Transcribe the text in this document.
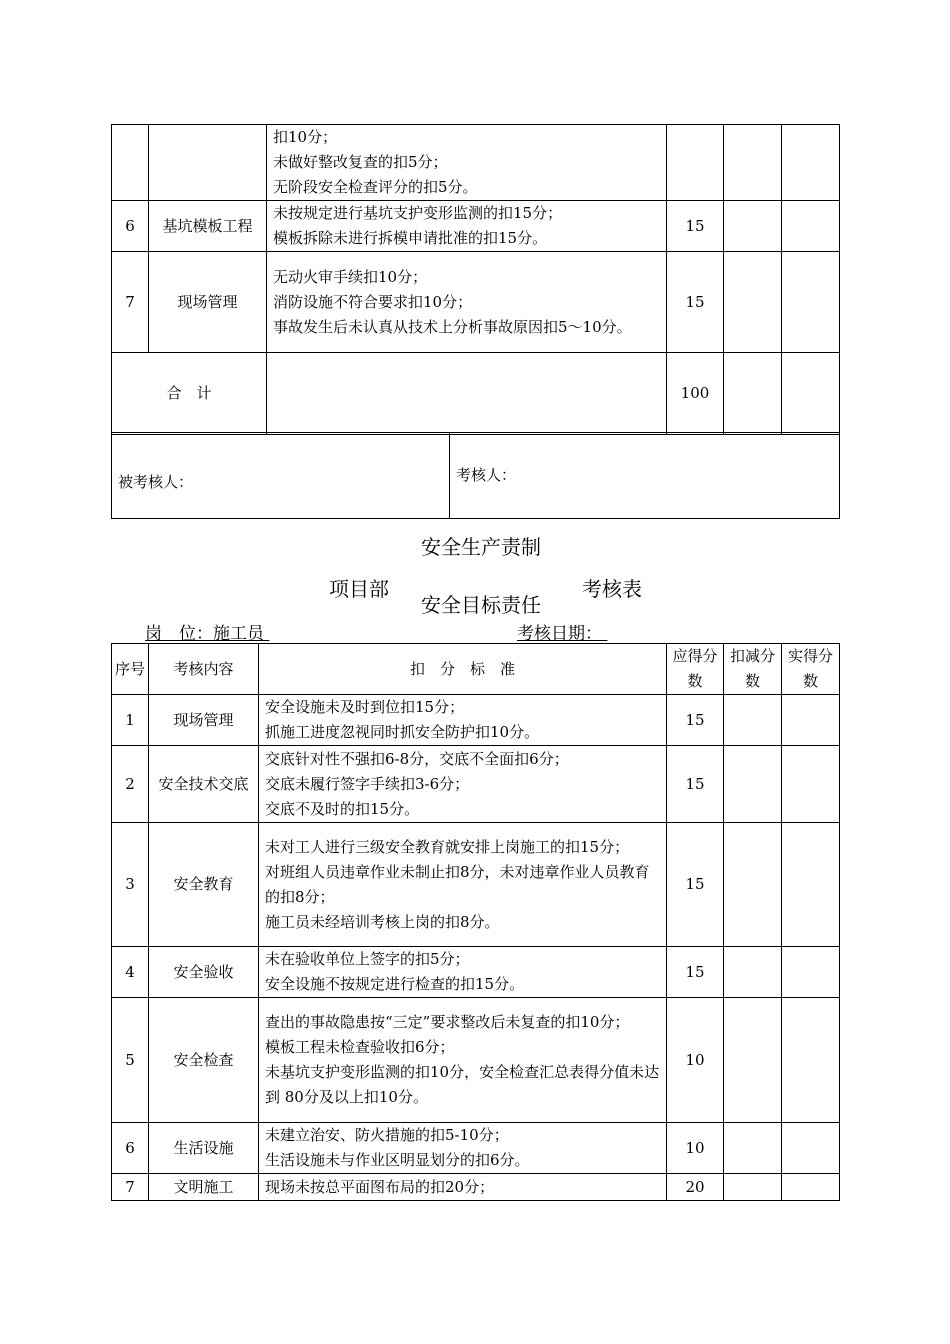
		扣10分；
未做好整改复查的扣5分；
无阶段安全检查评分的扣5分。			

6	基坑模板工程	未按规定进行基坑支护变形监测的扣15分；
模板拆除未进行拆模申请批准的扣15分。	15		
7	现场管理	无动火审手续扣10分；
消防设施不符合要求扣10分；
事故发生后未认真从技术上分析事故原因扣5～10分。	15		
合　计			100		
被考核人：	考核人：
安全生产责制
项目部
安全目标责任
考核表
岗　位：施工员	考核日期：
序号	考核内容	扣　分　标　准	应得分数	扣减分数	实得分数
1	现场管理	安全设施未及时到位扣15分；
抓施工进度忽视同时抓安全防护扣10分。	15		
2	安全技术交底	交底针对性不强扣6-8分，交底不全面扣6分；
交底未履行签字手续扣3-6分；
交底不及时的扣15分。	15		
3	安全教育	未对工人进行三级安全教育就安排上岗施工的扣15分；
对班组人员违章作业未制止扣8分，未对违章作业人员教育的扣8分；
施工员未经培训考核上岗的扣8分。	15		
4	安全验收	未在验收单位上签字的扣5分；
安全设施不按规定进行检查的扣15分。	15		
5	安全检查	查出的事故隐患按“三定”要求整改后未复查的扣10分；
模板工程未检查验收扣6分；
未基坑支护变形监测的扣10分，安全检查汇总表得分值未达到 80分及以上扣10分。	10		
6	生活设施	未建立治安、防火措施的扣5-10分；
生活设施未与作业区明显划分的扣6分。	10		
7	文明施工	现场未按总平面图布局的扣20分；	20		
